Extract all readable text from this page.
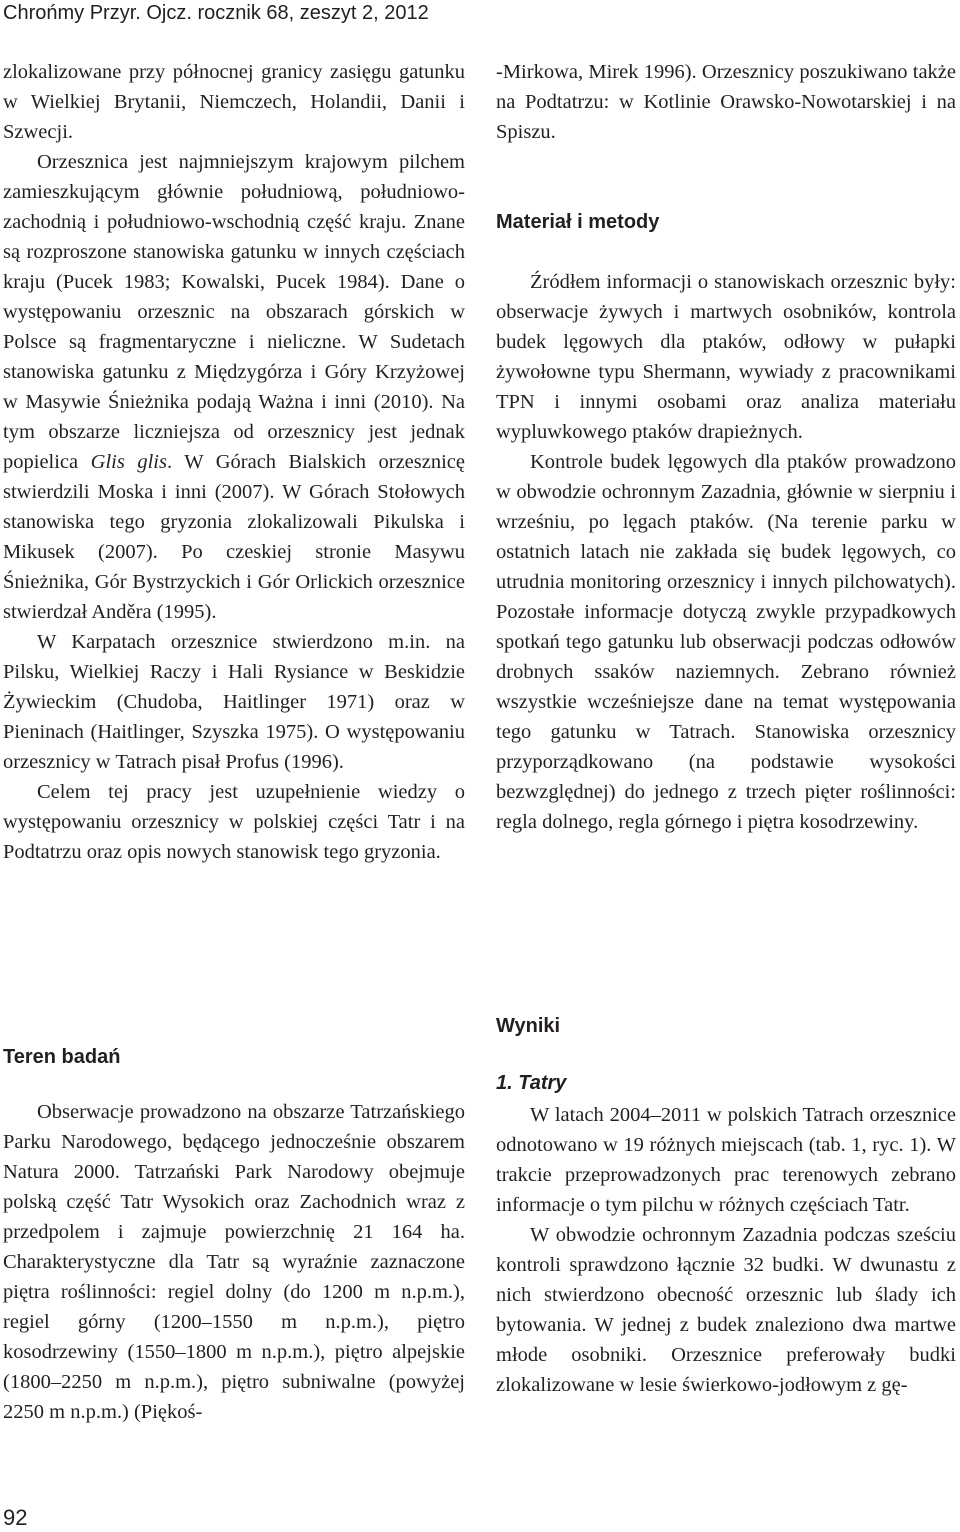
Chrońmy Przyr. Ojcz. rocznik 68, zeszyt 2, 2012

zlokalizowane przy północnej granicy zasięgu gatunku w Wielkiej Brytanii, Niemczech, Holandii, Danii i Szwecji.

Orzesznica jest najmniejszym krajowym pilchem zamieszkującym głównie południową, południowo-zachodnią i południowo-wschodnią część kraju. Znane są rozproszone stanowiska gatunku w innych częściach kraju (Pucek 1983; Kowalski, Pucek 1984). Dane o występowaniu orzesznic na obszarach górskich w Polsce są fragmentaryczne i nieliczne. W Sudetach stanowiska gatunku z Międzygórza i Góry Krzyżowej w Masywie Śnieżnika podają Ważna i inni (2010). Na tym obszarze liczniejsza od orzesznicy jest jednak popielica Glis glis. W Górach Bialskich orzesznicę stwierdzili Moska i inni (2007). W Górach Stołowych stanowiska tego gryzonia zlokalizowali Pikulska i Mikusek (2007). Po czeskiej stronie Masywu Śnieżnika, Gór Bystrzyckich i Gór Orlickich orzesznice stwierdzał Anděra (1995).

W Karpatach orzesznice stwierdzono m.in. na Pilsku, Wielkiej Raczy i Hali Rysiance w Beskidzie Żywieckim (Chudoba, Haitlinger 1971) oraz w Pieninach (Haitlinger, Szyszka 1975). O występowaniu orzesznicy w Tatrach pisał Profus (1996).

Celem tej pracy jest uzupełnienie wiedzy o występowaniu orzesznicy w polskiej części Tatr i na Podtatrzu oraz opis nowych stanowisk tego gryzonia.

Teren badań

Obserwacje prowadzono na obszarze Tatrzańskiego Parku Narodowego, będącego jednocześnie obszarem Natura 2000. Tatrzański Park Narodowy obejmuje polską część Tatr Wysokich oraz Zachodnich wraz z przedpolem i zajmuje powierzchnię 21 164 ha. Charakterystyczne dla Tatr są wyraźnie zaznaczone piętra roślinności: regiel dolny (do 1200 m n.p.m.), regiel górny (1200–1550 m n.p.m.), piętro kosodrzewiny (1550–1800 m n.p.m.), piętro alpejskie (1800–2250 m n.p.m.), piętro subniwalne (powyżej 2250 m n.p.m.) (Piękoś-

-Mirkowa, Mirek 1996). Orzesznicy poszukiwano także na Podtatrzu: w Kotlinie Orawsko-Nowotarskiej i na Spiszu.

Materiał i metody

Źródłem informacji o stanowiskach orzesznic były: obserwacje żywych i martwych osobników, kontrola budek lęgowych dla ptaków, odłowy w pułapki żywołowne typu Shermann, wywiady z pracownikami TPN i innymi osobami oraz analiza materiału wypluwkowego ptaków drapieżnych.

Kontrole budek lęgowych dla ptaków prowadzono w obwodzie ochronnym Zazadnia, głównie w sierpniu i wrześniu, po lęgach ptaków. (Na terenie parku w ostatnich latach nie zakłada się budek lęgowych, co utrudnia monitoring orzesznicy i innych pilchowatych). Pozostałe informacje dotyczą zwykle przypadkowych spotkań tego gatunku lub obserwacji podczas odłowów drobnych ssaków naziemnych. Zebrano również wszystkie wcześniejsze dane na temat występowania tego gatunku w Tatrach. Stanowiska orzesznicy przyporządkowano (na podstawie wysokości bezwzględnej) do jednego z trzech pięter roślinności: regla dolnego, regla górnego i piętra kosodrzewiny.

Wyniki
1. Tatry

W latach 2004–2011 w polskich Tatrach orzesznice odnotowano w 19 różnych miejscach (tab. 1, ryc. 1). W trakcie przeprowadzonych prac terenowych zebrano informacje o tym pilchu w różnych częściach Tatr.

W obwodzie ochronnym Zazadnia podczas sześciu kontroli sprawdzono łącznie 32 budki. W dwunastu z nich stwierdzono obecność orzesznic lub ślady ich bytowania. W jednej z budek znaleziono dwa martwe młode osobniki. Orzesznice preferowały budki zlokalizowane w lesie świerkowo-jodłowym z gę-

92
